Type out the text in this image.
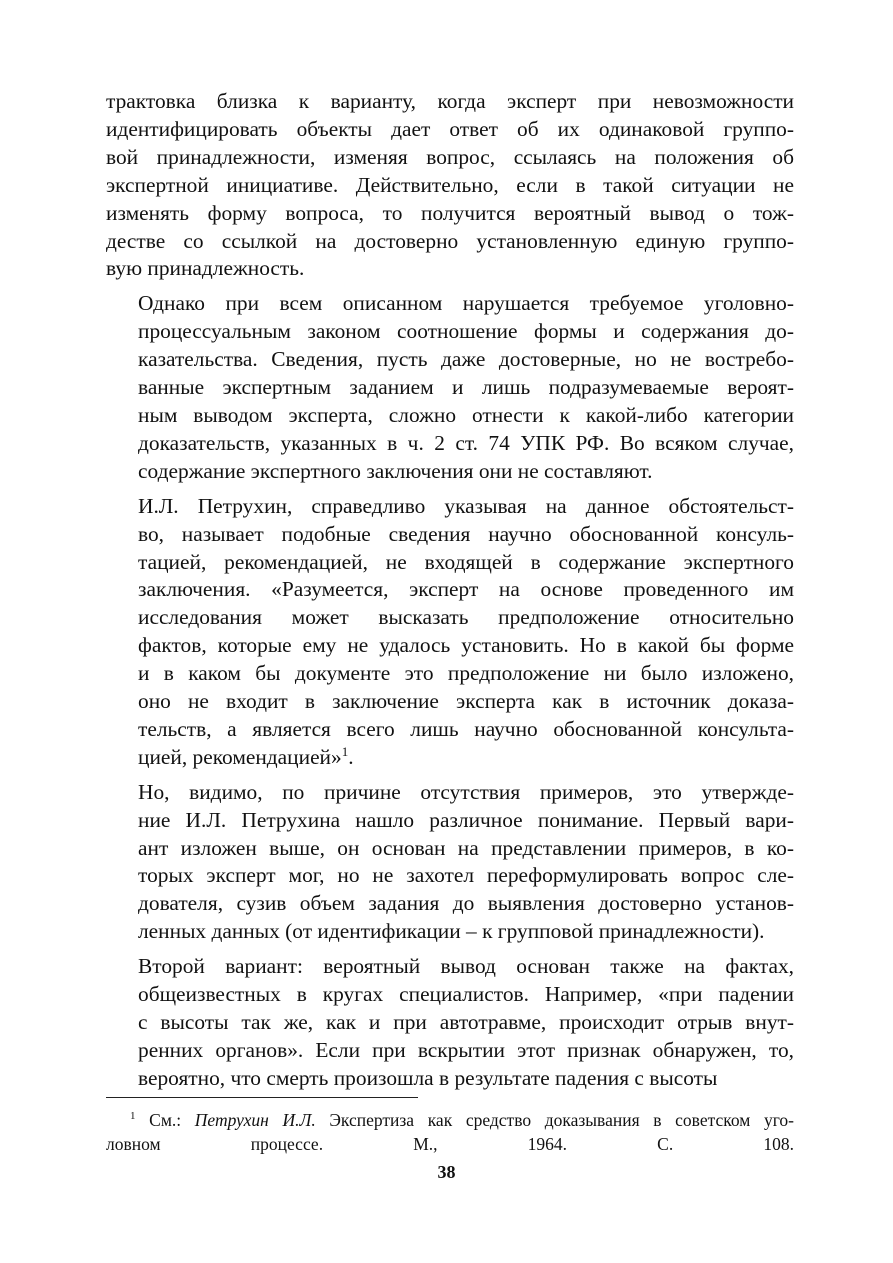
трактовка близка к варианту, когда эксперт при невозможности
идентифицировать объекты дает ответ об их одинаковой группо-
вой принадлежности, изменяя вопрос, ссылаясь на положения об
экспертной инициативе. Действительно, если в такой ситуации не
изменять форму вопроса, то получится вероятный вывод о тож-
дестве со ссылкой на достоверно установленную единую группо-
вую принадлежность.

Однако при всем описанном нарушается требуемое уголовно-
процессуальным законом соотношение формы и содержания до-
казательства. Сведения, пусть даже достоверные, но не востребо-
ванные экспертным заданием и лишь подразумеваемые вероят-
ным выводом эксперта, сложно отнести к какой-либо категории
доказательств, указанных в ч. 2 ст. 74 УПК РФ. Во всяком случае,
содержание экспертного заключения они не составляют.

И.Л. Петрухин, справедливо указывая на данное обстоятельст-
во, называет подобные сведения научно обоснованной консуль-
тацией, рекомендацией, не входящей в содержание экспертного
заключения. «Разумеется, эксперт на основе проведенного им
исследования может высказать предположение относительно
фактов, которые ему не удалось установить. Но в какой бы форме
и в каком бы документе это предположение ни было изложено,
оно не входит в заключение эксперта как в источник доказа-
тельств, а является всего лишь научно обоснованной консульта-
цией, рекомендацией»$^1$.

Но, видимо, по причине отсутствия примеров, это утвержде-
ние И.Л. Петрухина нашло различное понимание. Первый вари-
ант изложен выше, он основан на представлении примеров, в ко-
торых эксперт мог, но не захотел переформулировать вопрос сле-
дователя, сузив объем задания до выявления достоверно установ-
ленных данных (от идентификации – к групповой принадлежности).

Второй вариант: вероятный вывод основан также на фактах,
общеизвестных в кругах специалистов. Например, «при падении
с высоты так же, как и при автотравме, происходит отрыв внут-
ренних органов». Если при вскрытии этот признак обнаружен, то,
вероятно, что смерть произошла в результате падения с высоты

$^1$ См.: Петрухин И.Л. Экспертиза как средство доказывания в советском уго-
ловном процессе. М., 1964. С. 108.
38
